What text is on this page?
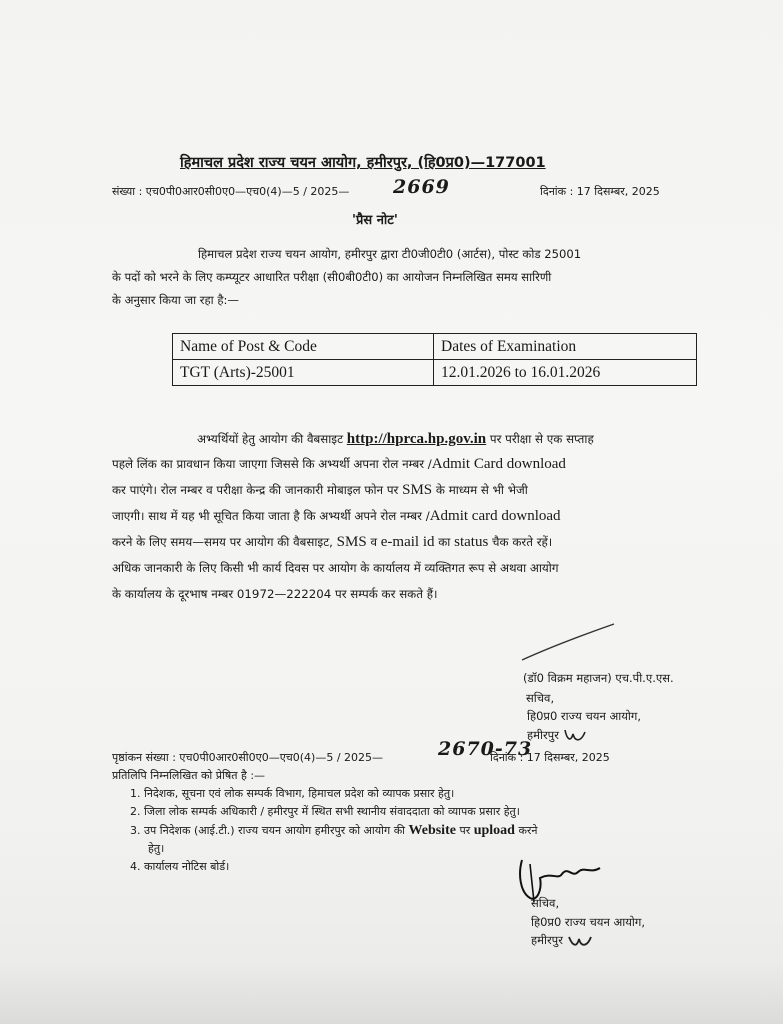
हिमाचल प्रदेश राज्य चयन आयोग, हमीरपुर, (हि0प्र0)—177001
संख्या : एच0पी0आर0सी0ए0—एच0(4)—5 / 2025— 2669	दिनांक : 17 दिसम्बर, 2025
'प्रैस नोट'
हिमाचल प्रदेश राज्य चयन आयोग, हमीरपुर द्वारा टी0जी0टी0 (आर्टस), पोस्ट कोड 25001
के पदों को भरने के लिए कम्प्यूटर आधारित परीक्षा (सी0बी0टी0) का आयोजन निम्नलिखित समय सारिणी
के अनुसार किया जा रहा है:—
Name of Post & Code	Dates of Examination
TGT (Arts)-25001	12.01.2026 to 16.01.2026
अभ्यर्थियों हेतु आयोग की वैबसाइट http://hprca.hp.gov.in पर परीक्षा से एक सप्ताह
पहले लिंक का प्रावधान किया जाएगा जिससे कि अभ्यर्थी अपना रोल नम्बर /Admit Card download
कर पाएंगे। रोल नम्बर व परीक्षा केन्द्र की जानकारी मोबाइल फोन पर SMS के माध्यम से भी भेजी
जाएगी। साथ में यह भी सूचित किया जाता है कि अभ्यर्थी अपने रोल नम्बर /Admit card download
करने के लिए समय—समय पर आयोग की वैबसाइट, SMS व e-mail id का status चैक करते रहें।
अधिक जानकारी के लिए किसी भी कार्य दिवस पर आयोग के कार्यालय में व्यक्तिगत रूप से अथवा आयोग
के कार्यालय के दूरभाष नम्बर 01972—222204 पर सम्पर्क कर सकते हैं।
(डॉ0 विक्रम महाजन) एच.पी.ए.एस.
सचिव,
हि0प्र0 राज्य चयन आयोग,
हमीरपुर
पृष्ठांकन संख्या : एच0पी0आर0सी0ए0—एच0(4)—5 / 2025—	2670-73
दिनांक : 17 दिसम्बर, 2025
प्रतिलिपि निम्नलिखित को प्रेषित है :—
1. निदेशक, सूचना एवं लोक सम्पर्क विभाग, हिमाचल प्रदेश को व्यापक प्रसार हेतु।
2. जिला लोक सम्पर्क अधिकारी / हमीरपुर में स्थित सभी स्थानीय संवाददाता को व्यापक प्रसार हेतु।
3. उप निदेशक (आई.टी.) राज्य चयन आयोग हमीरपुर को आयोग की Website पर upload करने
हेतु।
4. कार्यालय नोटिस बोर्ड।
हि0प्र0 राज्य चयन आयोग,
हमीरपुर
सचिव,
